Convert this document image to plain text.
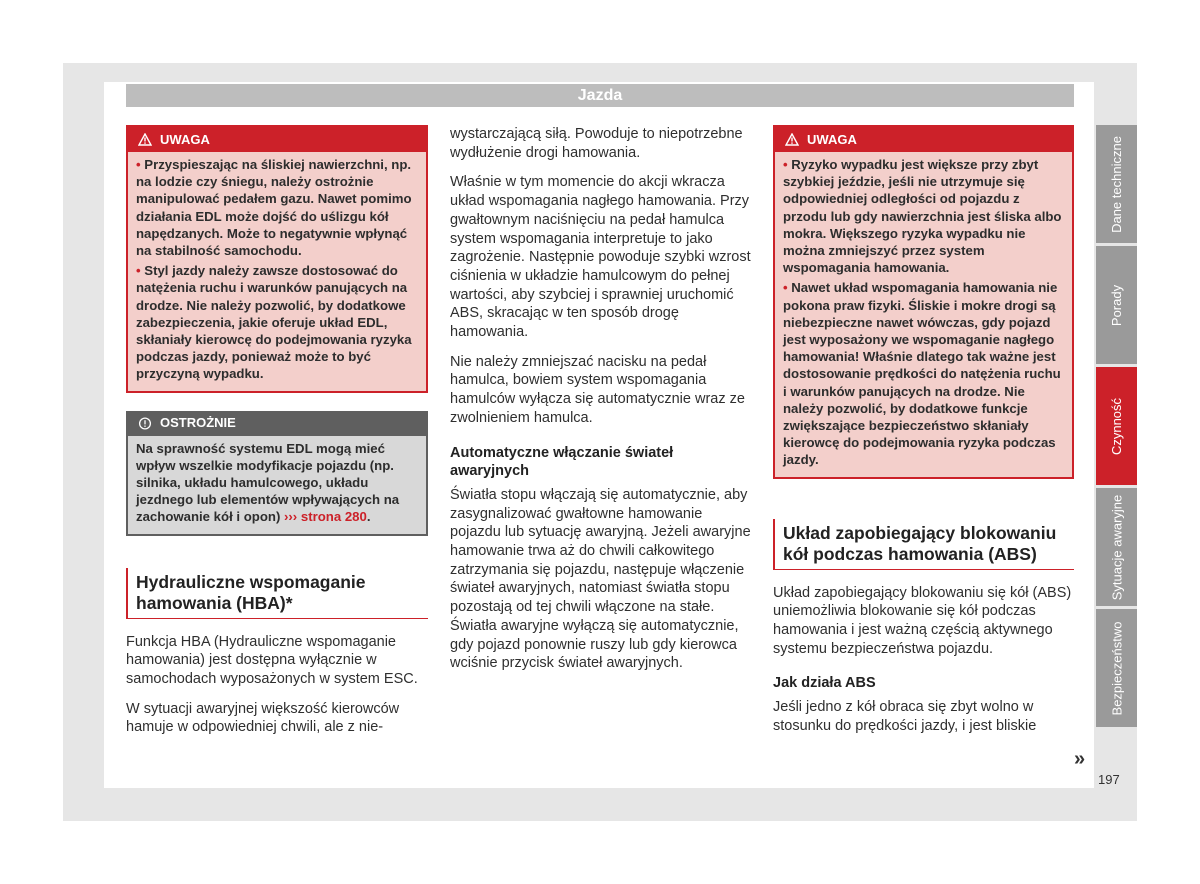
Jazda
UWAGA

• Przyspieszając na śliskiej nawierzchni, np. na lodzie czy śniegu, należy ostrożnie manipulować pedałem gazu. Nawet pomimo działania EDL może dojść do uślizgu kół napędzanych. Może to negatywnie wpłynąć na stabilność samochodu.

• Styl jazdy należy zawsze dostosować do natężenia ruchu i warunków panujących na drodze. Nie należy pozwolić, by dodatkowe zabezpieczenia, jakie oferuje układ EDL, skłaniały kierowcę do podejmowania ryzyka podczas jazdy, ponieważ może to być przyczyną wypadku.

OSTROŻNIE

Na sprawność systemu EDL mogą mieć wpływ wszelkie modyfikacje pojazdu (np. silnika, układu hamulcowego, układu jezdnego lub elementów wpływających na zachowanie kół i opon) ››› strona 280.

Hydrauliczne wspomaganie hamowania (HBA)*

Funkcja HBA (Hydrauliczne wspomaganie hamowania) jest dostępna wyłącznie w samochodach wyposażonych w system ESC.

W sytuacji awaryjnej większość kierowców hamuje w odpowiedniej chwili, ale z nie-

wystarczającą siłą. Powoduje to niepotrzebne wydłużenie drogi hamowania.

Właśnie w tym momencie do akcji wkracza układ wspomagania nagłego hamowania. Przy gwałtownym naciśnięciu na pedał hamulca system wspomagania interpretuje to jako zagrożenie. Następnie powoduje szybki wzrost ciśnienia w układzie hamulcowym do pełnej wartości, aby szybciej i sprawniej uruchomić ABS, skracając w ten sposób drogę hamowania.

Nie należy zmniejszać nacisku na pedał hamulca, bowiem system wspomagania hamulców wyłącza się automatycznie wraz ze zwolnieniem hamulca.

Automatyczne włączanie świateł awaryjnych

Światła stopu włączają się automatycznie, aby zasygnalizować gwałtowne hamowanie pojazdu lub sytuację awaryjną. Jeżeli awaryjne hamowanie trwa aż do chwili całkowitego zatrzymania się pojazdu, następuje włączenie świateł awaryjnych, natomiast światła stopu pozostają od tej chwili włączone na stałe. Światła awaryjne wyłączą się automatycznie, gdy pojazd ponownie ruszy lub gdy kierowca wciśnie przycisk świateł awaryjnych.

UWAGA

• Ryzyko wypadku jest większe przy zbyt szybkiej jeździe, jeśli nie utrzymuje się odpowiedniej odległości od pojazdu z przodu lub gdy nawierzchnia jest śliska albo mokra. Większego ryzyka wypadku nie można zmniejszyć przez system wspomagania hamowania.

• Nawet układ wspomagania hamowania nie pokona praw fizyki. Śliskie i mokre drogi są niebezpieczne nawet wówczas, gdy pojazd jest wyposażony we wspomaganie nagłego hamowania! Właśnie dlatego tak ważne jest dostosowanie prędkości do natężenia ruchu i warunków panujących na drodze. Nie należy pozwolić, by dodatkowe funkcje zwiększające bezpieczeństwo skłaniały kierowcę do podejmowania ryzyka podczas jazdy.

Układ zapobiegający blokowaniu kół podczas hamowania (ABS)

Układ zapobiegający blokowaniu się kół (ABS) uniemożliwia blokowanie się kół podczas hamowania i jest ważną częścią aktywnego systemu bezpieczeństwa pojazdu.

Jak działa ABS

Jeśli jedno z kół obraca się zbyt wolno w stosunku do prędkości jazdy, i jest bliskie

Dane techniczne
Porady
Czynność
Sytuacje awaryjne
Bezpieczeństwo
»
197
